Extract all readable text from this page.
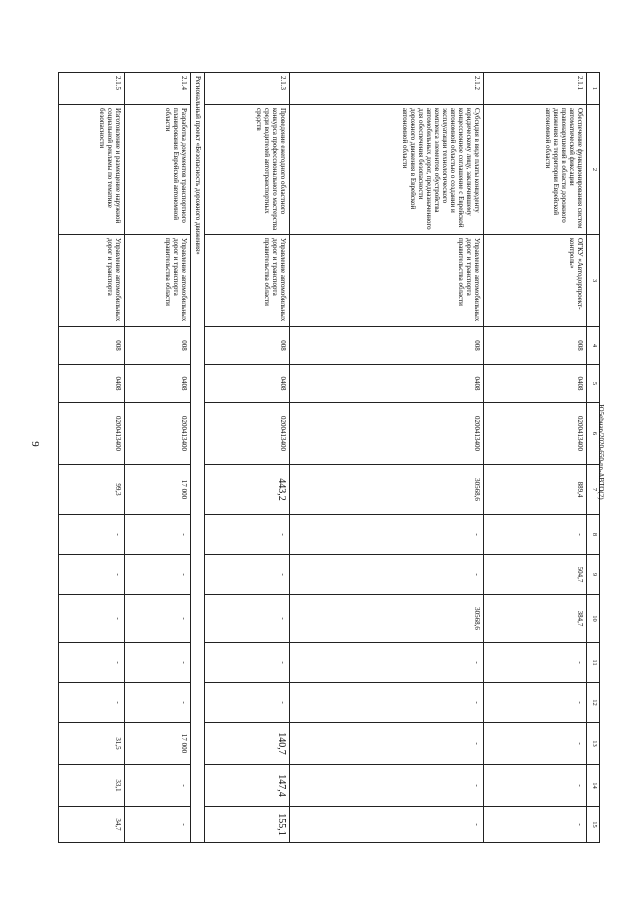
9
1	2	3	4	5	6	7	8	9	10	11	12	13	14	15
2.1.1	Обеспечение функционирования систем автоматической фиксации правонарушений в области дорожного движения на территории Еврейской автономной области	ОГКУ «Автодорпроект-контроль»	008	0408	0200413400	889,4	-	504,7	384,7	-	-	-	-	-
2.1.2	Субсидия в виде платы концеденту юридическому лицу, заключившему концессионное соглашение с Еврейской автономной областью о создании и эксплуатации технологического комплекса элементов обустройства автомобильных дорог, предназначенного для обеспечения безопасности дорожного движения в Еврейской автономной области	Управление автомобильных дорог и транспорта правительства области	008	0408	0200413400	30568,6	-	-	30568,6	-	-	-	-	-
2.1.3	Проведение ежегодного областного конкурса профессионального мастерства среди водителей автотранспортных средств	Управление автомобильных дорог и транспорта правительства области	008	0408	0200413400	443,2	-	-	-	-	-	140,7	147,4	155,1
Региональный проект «Безопасность дорожного движения»														
2.1.4	Разработка документов транспортного планирования Еврейской автономной области	Управление автомобильных дорог и транспорта правительства области	008	0408	0200413400	17 000	-	-	-	-	-	17 000	-	-
2.1.5	Изготовление и размещение наружной социальной рекламы по тематике безопасности	Управление автомобильных дорог и транспорта	008	0408	0200413400	99,3	-	-	-	-	-	31,5	33,1	34,7
Ю5ebнan/2020-650-nn-ABTO(2)
